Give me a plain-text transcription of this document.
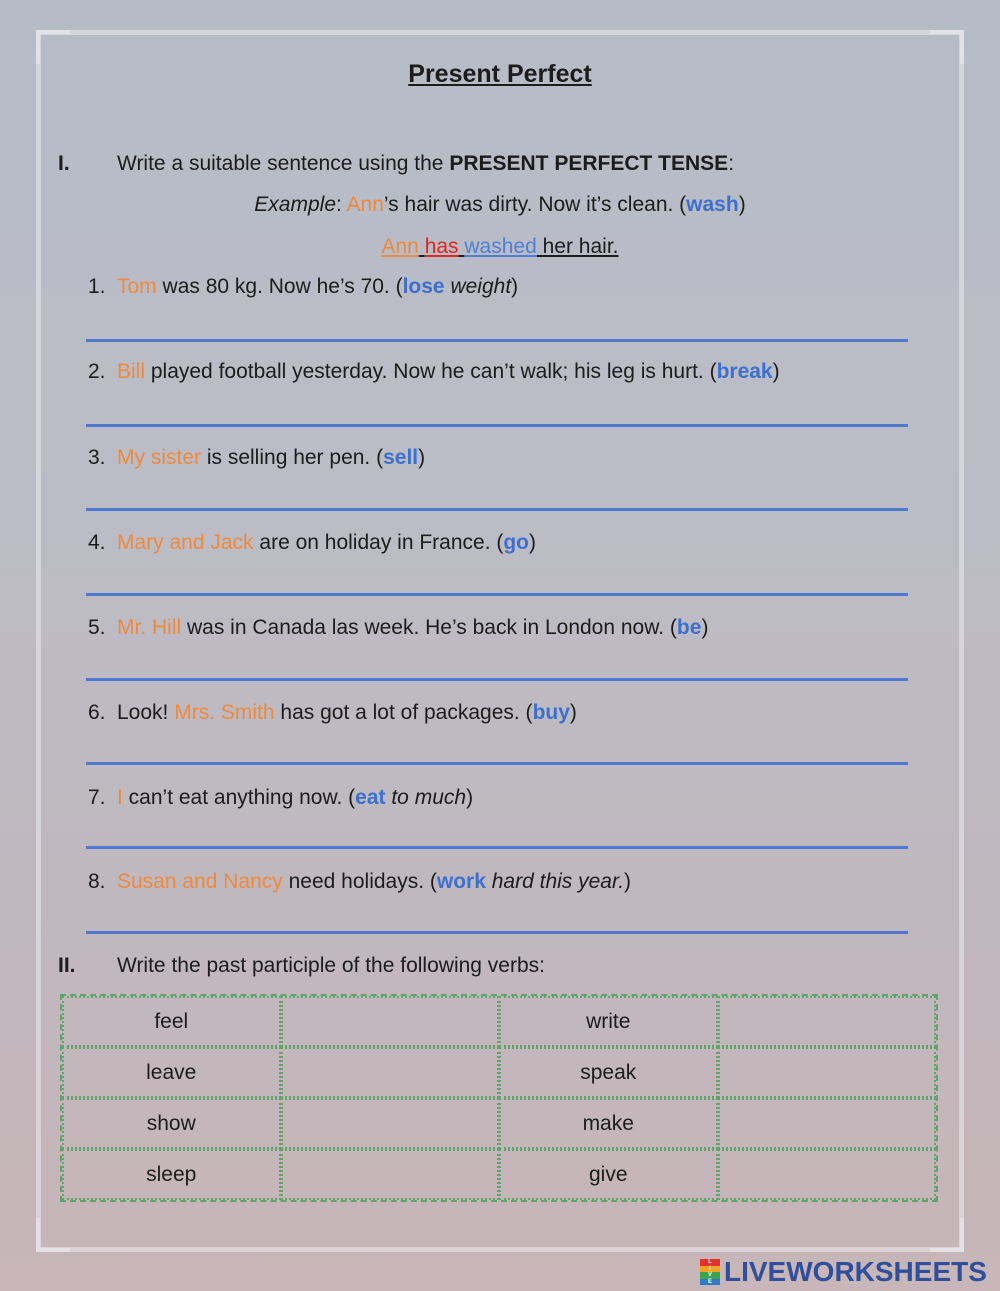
Present Perfect
I. Write a suitable sentence using the PRESENT PERFECT TENSE:
Example: Ann’s hair was dirty. Now it’s clean. (wash)
Ann has washed her hair.
1. Tom was 80 kg. Now he’s 70. (lose weight)
2. Bill played football yesterday. Now he can’t walk; his leg is hurt. (break)
3. My sister is selling her pen. (sell)
4. Mary and Jack are on holiday in France. (go)
5. Mr. Hill was in Canada las week. He’s back in London now. (be)
6. Look! Mrs. Smith has got a lot of packages. (buy)
7. I can’t eat anything now. (eat to much)
8. Susan and Nancy need holidays. (work hard this year.)
II. Write the past participle of the following verbs:
feel		write	
leave		speak	
show		make	
sleep		give	
L
I
V
E LIVEWORKSHEETS
